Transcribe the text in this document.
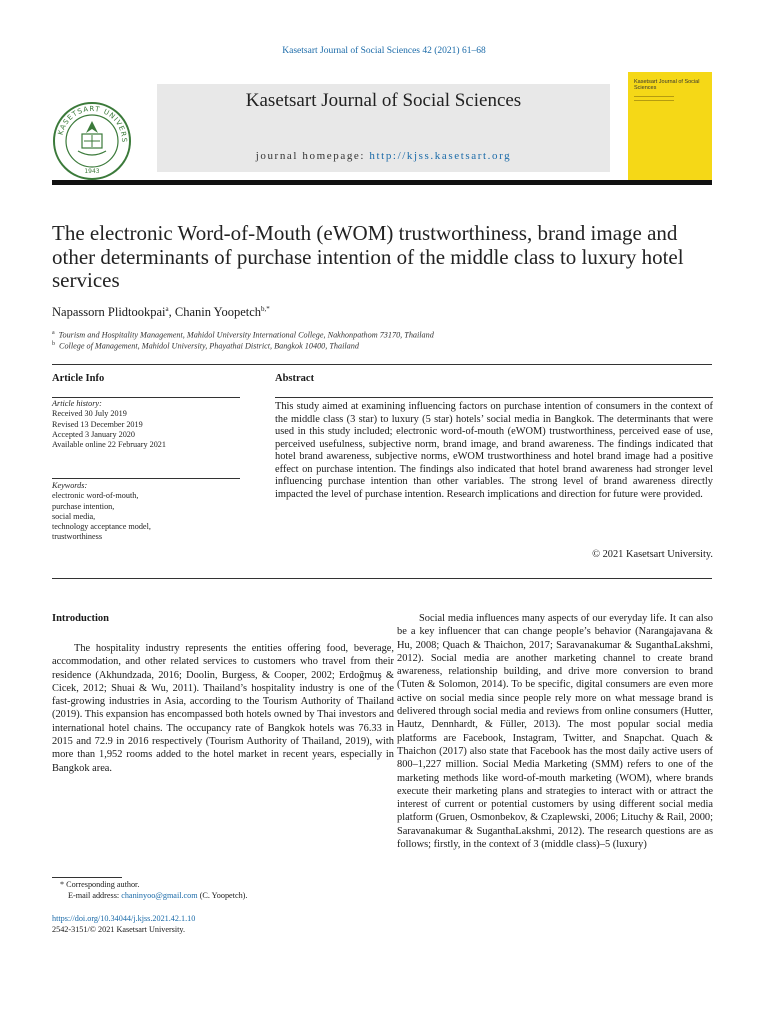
Kasetsart Journal of Social Sciences 42 (2021) 61–68
KASETSART UNIVERS
1943
Kasetsart Journal of Social Sciences
journal homepage: http://kjss.kasetsart.org
Kasetsart Journal of Social Sciences
The electronic Word-of-Mouth (eWOM) trustworthiness, brand image and other determinants of purchase intention of the middle class to luxury hotel services
Napassorn Plidtookpai$^a$, Chanin Yoopetch$^{b,*}$
$^a$ Tourism and Hospitality Management, Mahidol University International College, Nakhonpathom 73170, Thailand
$^b$ College of Management, Mahidol University, Phayathai District, Bangkok 10400, Thailand
Article Info
Article history:
Received 30 July 2019
Revised 13 December 2019
Accepted 3 January 2020
Available online 22 February 2021
Keywords:
electronic word-of-mouth,
purchase intention,
social media,
technology acceptance model,
trustworthiness
Abstract
This study aimed at examining influencing factors on purchase intention of consumers in the context of the middle class (3 star) to luxury (5 star) hotels’ social media in Bangkok. The determinants that were used in this study included; electronic word-of-mouth (eWOM) trustworthiness, perceived ease of use, perceived usefulness, subjective norm, brand image, and brand awareness. The findings indicated that hotel brand awareness, subjective norms, eWOM trustworthiness and hotel brand image had a positive effect on purchase intention. The findings also indicated that hotel brand awareness had stronger level influencing purchase intention than other variables. The strong level of brand awareness directly impacted the level of purchase intention. Research implications and direction for future were provided.
© 2021 Kasetsart University.
Introduction
The hospitality industry represents the entities offering food, beverage, accommodation, and other related services to customers who travel from their residence (Akhundzada, 2016; Doolin, Burgess, & Cooper, 2002; Erdoğmuş & Cicek, 2012; Shuai & Wu, 2011). Thailand’s hospitality industry is one of the fast-growing industries in Asia, according to the Tourism Authority of Thailand (2019). This expansion has encompassed both hotels owned by Thai investors and international hotel chains. The occupancy rate of Bangkok hotels was 76.33 in 2015 and 72.9 in 2016 respectively (Tourism Authority of Thailand, 2019), with more than 1,952 rooms added to the hotel market in recent years, especially in Bangkok area.
Social media influences many aspects of our everyday life. It can also be a key influencer that can change people’s behavior (Narangajavana & Hu, 2008; Quach & Thaichon, 2017; Saravanakumar & SuganthaLakshmi, 2012). Social media are another marketing channel to create brand awareness, relationship building, and drive more conversion to brand (Tuten & Solomon, 2014). To be specific, digital consumers are even more active on social media since people rely more on what message brand is delivered through social media and reviews from online consumers (Hutter, Hautz, Dennhardt, & Füller, 2013). The most popular social media platforms are Facebook, Instagram, Twitter, and Snapchat. Quach & Thaichon (2017) also state that Facebook has the most daily active users of 800–1,227 million. Social Media Marketing (SMM) refers to one of the marketing methods like word-of-mouth marketing (WOM), where brands execute their marketing plans and strategies to interact with or attract the interest of current or potential customers by using different social media platform (Gruen, Osmonbekov, & Czaplewski, 2006; Lituchy & Rail, 2000; Saravanakumar & SuganthaLakshmi, 2012). The research questions are as follows; firstly, in the context of 3 (middle class)–5 (luxury)
* Corresponding author.
E-mail address: chaninyoo@gmail.com (C. Yoopetch).
https://doi.org/10.34044/j.kjss.2021.42.1.10
2542-3151/© 2021 Kasetsart University.
